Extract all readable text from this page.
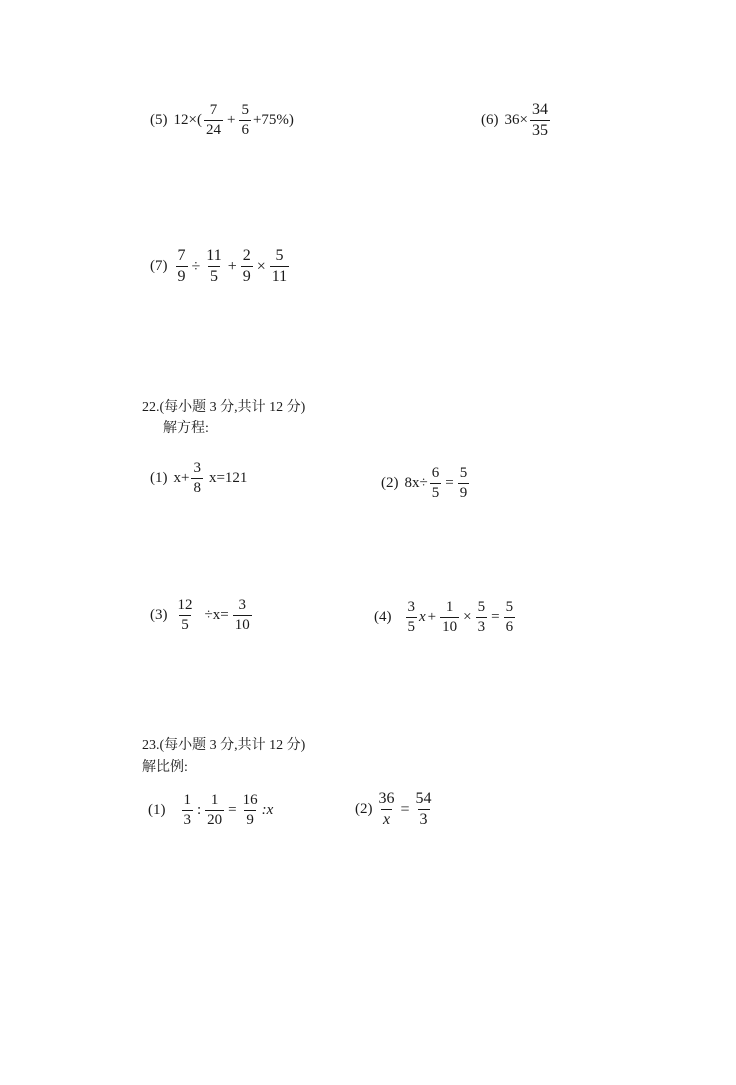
(5) $12\times( \frac{7}{24} + \frac{5}{6} +75\%)$	(6) $36\times \frac{34}{35}$
$(7) \frac{7}{9} \div \frac{11}{5} + \frac{2}{9} \times \frac{5}{11}$
22.(每小题 3 分,共计 12 分)
解方程:
(1) $x+ \frac{3}{8} x=121$	(2) $8x\div \frac{6}{5} = \frac{5}{9}$
$(3) \frac{12}{5} \div x= \frac{3}{10}$	$(4) \frac{3}{5}$ $x + \frac{1}{10} \times \frac{5}{3} = \frac{5}{6}$
23.(每小题 3 分,共计 12 分)
解比例:
$(1) \frac{1}{3}$ : $\frac{1}{20} = \frac{16}{9}$ :x	$(2) \frac{36}{x} = \frac{54}{3}$
